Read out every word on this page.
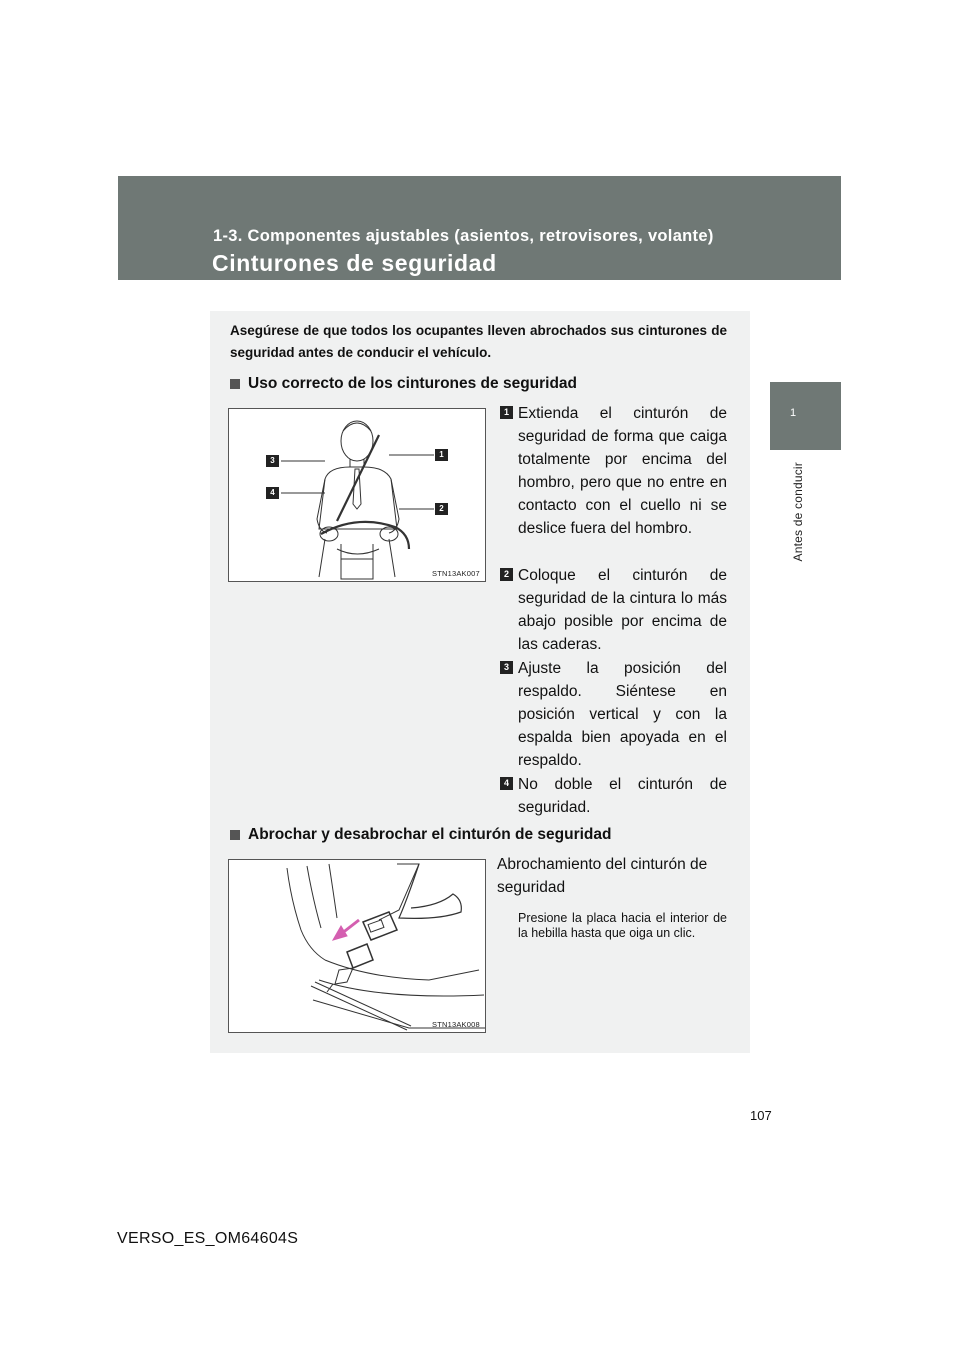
1-3. Componentes ajustables (asientos, retrovisores, volante)
Cinturones de seguridad
1
Antes de conducir
Asegúrese de que todos los ocupantes lleven abrochados sus cinturones de seguridad antes de conducir el vehículo.
Uso correcto de los cinturones de seguridad
3
4
1
2
STN13AK007
1 Extienda el cinturón de seguridad de forma que caiga totalmente por encima del hombro, pero que no entre en contacto con el cuello ni se deslice fuera del hombro.
2 Coloque el cinturón de seguridad de la cintura lo más abajo posible por encima de las caderas.
3 Ajuste la posición del respaldo. Siéntese en posición vertical y con la espalda bien apoyada en el respaldo.
4 No doble el cinturón de seguridad.
Abrochar y desabrochar el cinturón de seguridad
STN13AK008
Abrochamiento del cinturón de seguridad
Presione la placa hacia el interior de la hebilla hasta que oiga un clic.
107
VERSO_ES_OM64604S
